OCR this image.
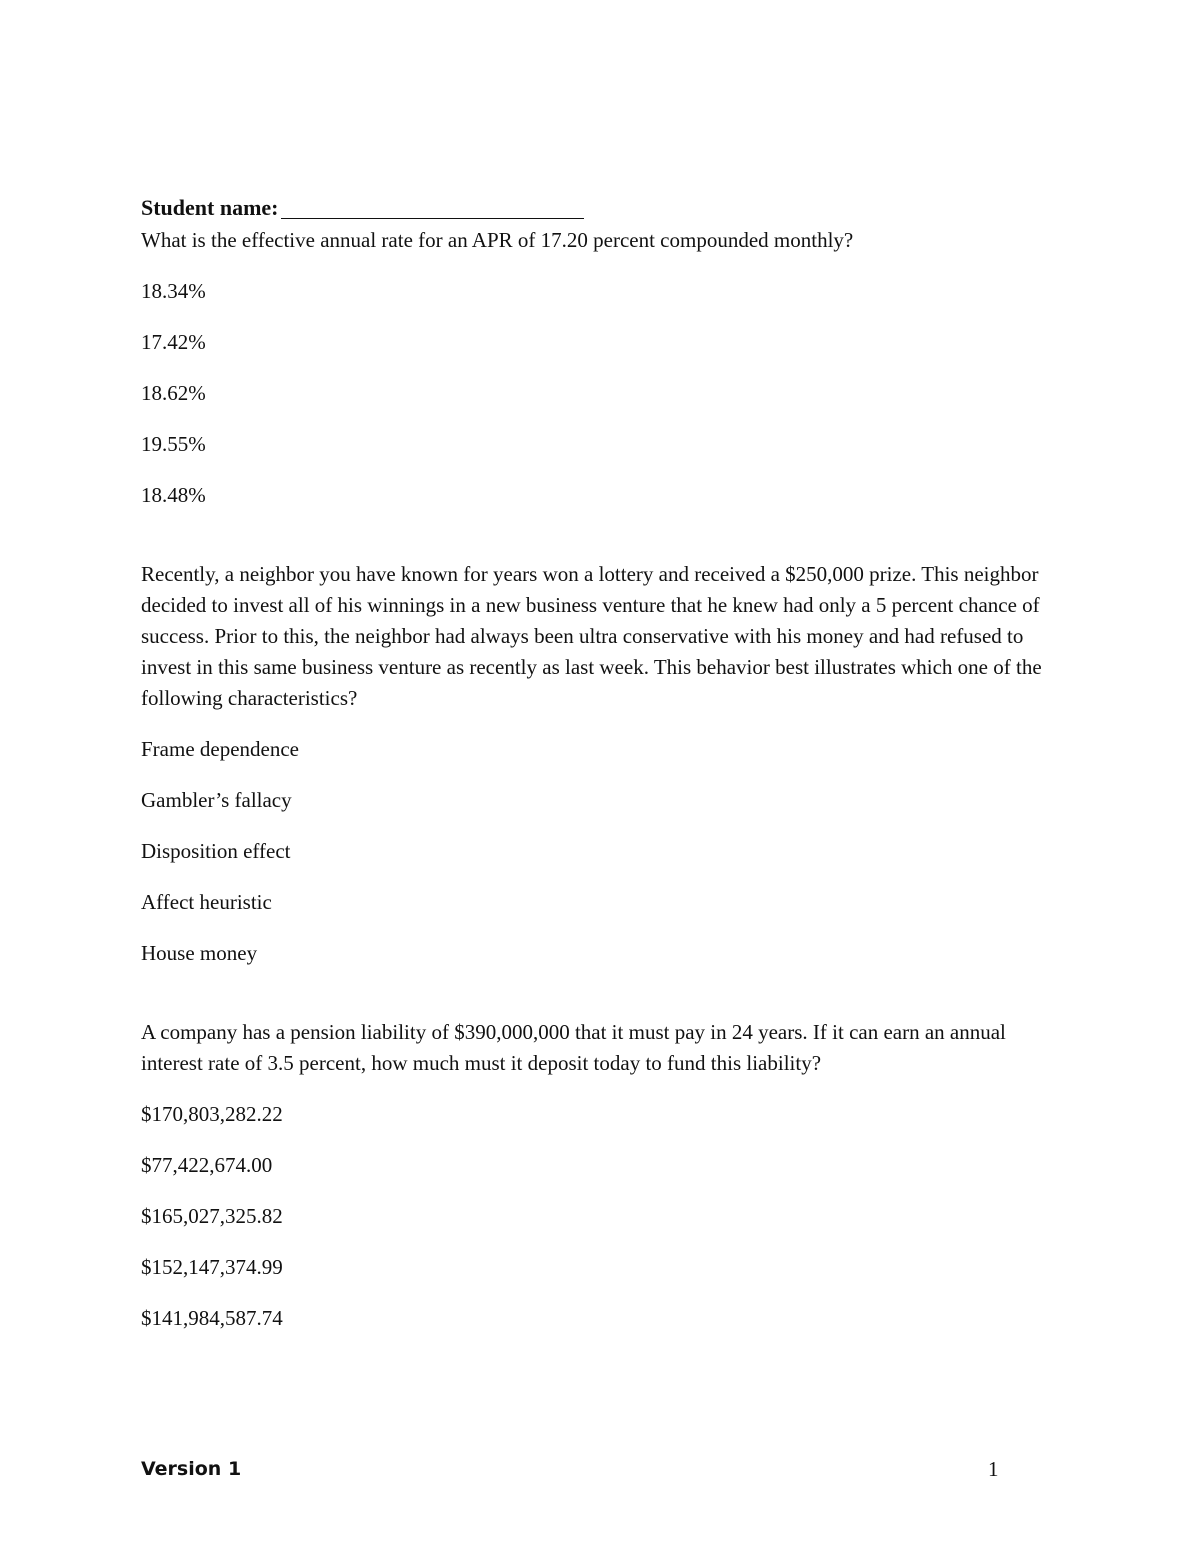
Student name:

What is the effective annual rate for an APR of 17.20 percent compounded monthly?

18.34%
17.42%
18.62%
19.55%
18.48%

Recently, a neighbor you have known for years won a lottery and received a $250,000 prize. This neighbor decided to invest all of his winnings in a new business venture that he knew had only a 5 percent chance of success. Prior to this, the neighbor had always been ultra conservative with his money and had refused to invest in this same business venture as recently as last week. This behavior best illustrates which one of the following characteristics?

Frame dependence
Gambler’s fallacy
Disposition effect
Affect heuristic
House money

A company has a pension liability of $390,000,000 that it must pay in 24 years. If it can earn an annual interest rate of 3.5 percent, how much must it deposit today to fund this liability?

$170,803,282.22
$77,422,674.00
$165,027,325.82
$152,147,374.99
$141,984,587.74
Version 1	1
